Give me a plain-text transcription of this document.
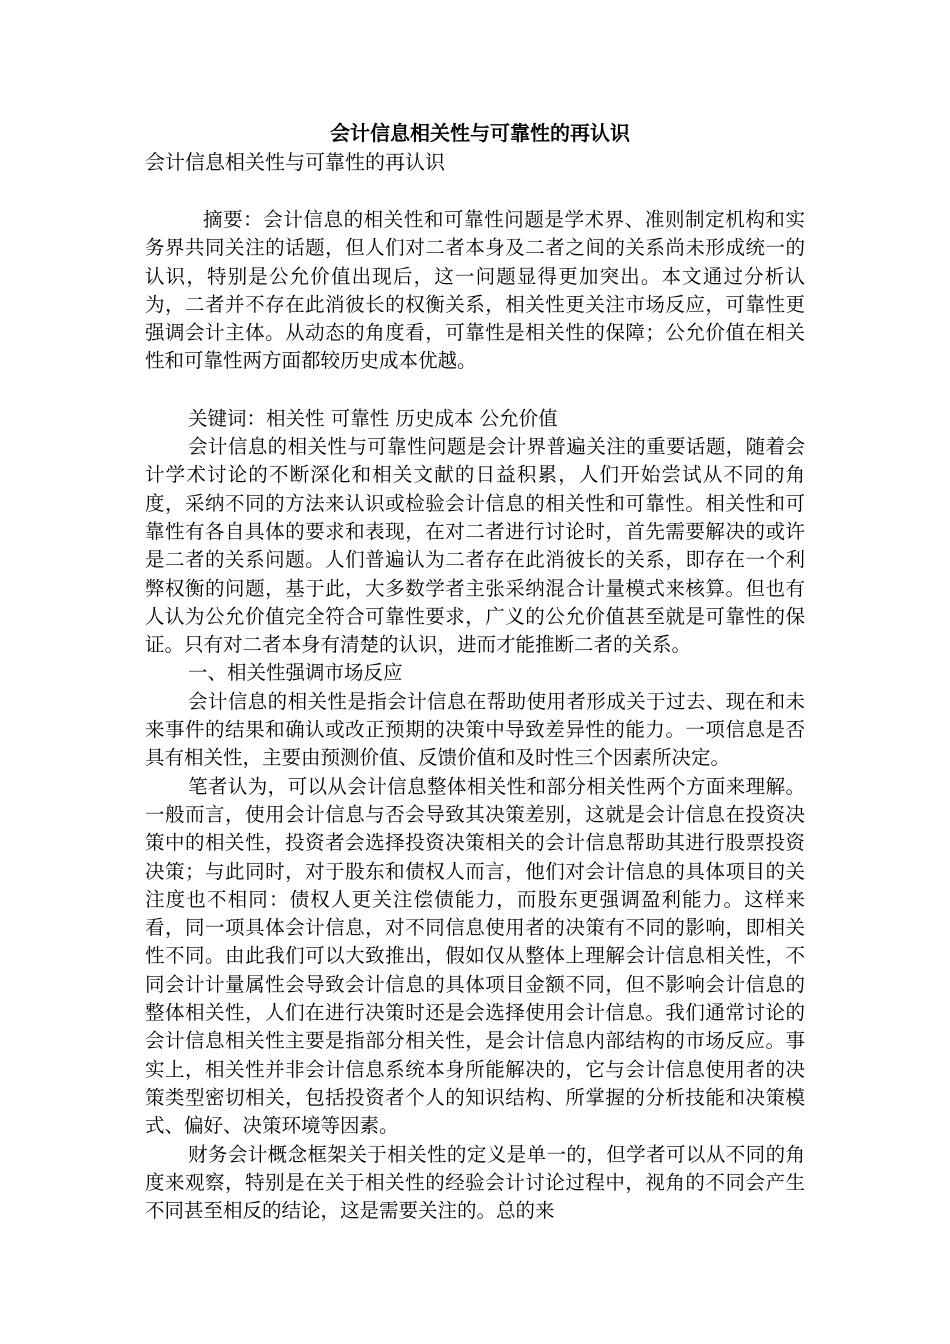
会计信息相关性与可靠性的再认识
会计信息相关性与可靠性的再认识

摘要：会计信息的相关性和可靠性问题是学术界、准则制定机构和实务界共同关注的话题，但人们对二者本身及二者之间的关系尚未形成统一的认识，特别是公允价值出现后，这一问题显得更加突出。本文通过分析认为，二者并不存在此消彼长的权衡关系，相关性更关注市场反应，可靠性更强调会计主体。从动态的角度看，可靠性是相关性的保障；公允价值在相关性和可靠性两方面都较历史成本优越。

关键词：相关性 可靠性 历史成本 公允价值

会计信息的相关性与可靠性问题是会计界普遍关注的重要话题，随着会计学术讨论的不断深化和相关文献的日益积累，人们开始尝试从不同的角度，采纳不同的方法来认识或检验会计信息的相关性和可靠性。相关性和可靠性有各自具体的要求和表现，在对二者进行讨论时，首先需要解决的或许是二者的关系问题。人们普遍认为二者存在此消彼长的关系，即存在一个利弊权衡的问题，基于此，大多数学者主张采纳混合计量模式来核算。但也有人认为公允价值完全符合可靠性要求，广义的公允价值甚至就是可靠性的保证。只有对二者本身有清楚的认识，进而才能推断二者的关系。

一、相关性强调市场反应

会计信息的相关性是指会计信息在帮助使用者形成关于过去、现在和未来事件的结果和确认或改正预期的决策中导致差异性的能力。一项信息是否具有相关性，主要由预测价值、反馈价值和及时性三个因素所决定。

笔者认为，可以从会计信息整体相关性和部分相关性两个方面来理解。一般而言，使用会计信息与否会导致其决策差别，这就是会计信息在投资决策中的相关性，投资者会选择投资决策相关的会计信息帮助其进行股票投资决策；与此同时，对于股东和债权人而言，他们对会计信息的具体项目的关注度也不相同：债权人更关注偿债能力，而股东更强调盈利能力。这样来看，同一项具体会计信息，对不同信息使用者的决策有不同的影响，即相关性不同。由此我们可以大致推出，假如仅从整体上理解会计信息相关性，不同会计计量属性会导致会计信息的具体项目金额不同，但不影响会计信息的整体相关性，人们在进行决策时还是会选择使用会计信息。我们通常讨论的会计信息相关性主要是指部分相关性，是会计信息内部结构的市场反应。事实上，相关性并非会计信息系统本身所能解决的，它与会计信息使用者的决策类型密切相关，包括投资者个人的知识结构、所掌握的分析技能和决策模式、偏好、决策环境等因素。

财务会计概念框架关于相关性的定义是单一的，但学者可以从不同的角度来观察，特别是在关于相关性的经验会计讨论过程中，视角的不同会产生不同甚至相反的结论，这是需要关注的。总的来
